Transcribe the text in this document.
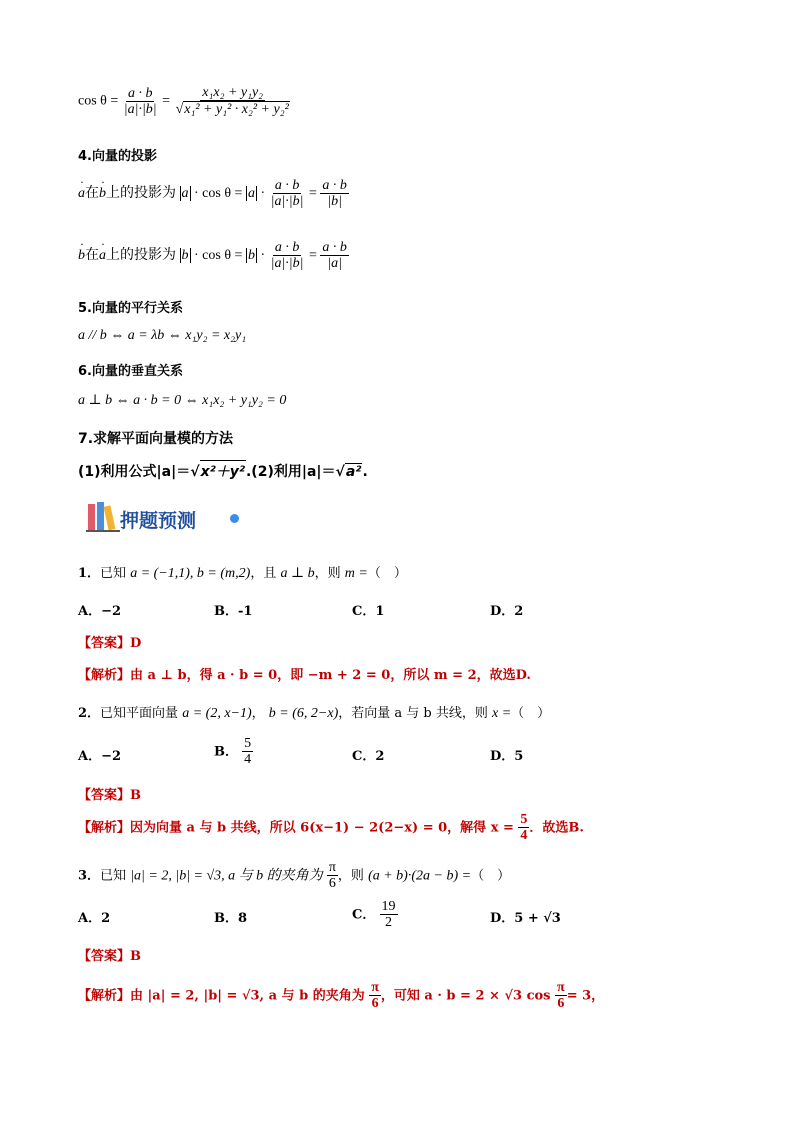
$\cos \theta = \frac{a \cdot b}{|a|\cdot|b|} = \frac{\text{x₁x₂ + y₁y₂}}{\text{√x₁² + y₁² · x₂² + y₂²}}$
4.向量的投影
· a在· b上的投影为 $a \cdot \cos \theta = a \cdot \frac{a \cdot b}{|a|\cdot|b|} = \frac{a \cdot b}{|b|}$
· b在· a上的投影为 $b \cdot \cos \theta = b \cdot \frac{a \cdot b}{|a|\cdot|b|} = \frac{a \cdot b}{|a|}$
5.向量的平行关系
a // b ⇔ a = λb ⇔ x₁y₂ = x₂y₁
6.向量的垂直关系
a ⊥ b ⇔ a · b = 0 ⇔ x₁x₂ + y₁y₂ = 0
7.求解平面向量模的方法
(1)利用公式|a|＝√x²＋y².(2)利用|a|＝√a².
押题预测
1．已知 a = (−1,1), b = (m,2)，且 a ⊥ b，则 m =（　）
A．−2	B．-1	C．1	D．2
【答案】D
【解析】由 a ⊥ b，得 a · b = 0，即 −m + 2 = 0，所以 m = 2，故选D.
2．已知平面向量 a = (2, x−1)， b = (6, 2−x)，若向量 a 与 b 共线，则 x =（　）
A．−2	B． $\frac{5}{4}$	C．2	D．5
【答案】B
【解析】因为向量 a 与 b 共线，所以 6(x−1) − 2(2−x) = 0，解得 $x = \frac{5}{4}$ ．故选B.
3．已知 |a| = 2, |b| = √3, a 与 b 的夹角为 $\frac{\pi}{6}$ ，则 (a + b)·(2a − b) =（　）
A．2	B．8	C． $\frac{19}{2}$	D．5 + √3
【答案】B
【解析】由 |a| = 2, |b| = √3, a 与 b 的夹角为 $\frac{\pi}{6}$ ，可知 a · b = 2 × √3 $\cos \frac{\pi}{6} = 3$，
